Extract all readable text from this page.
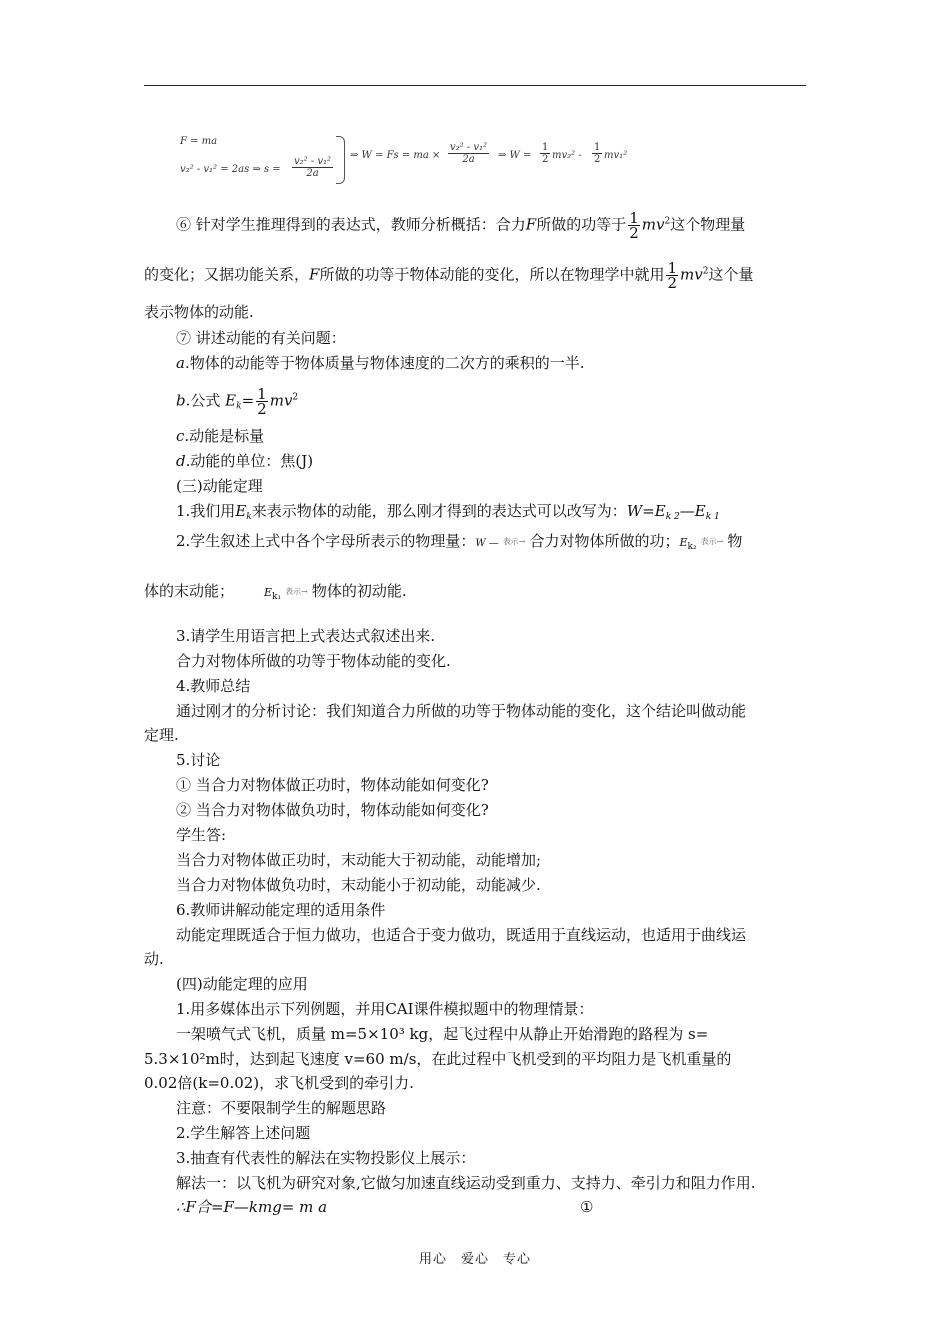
F = ma
v₂² - v₁² = 2as ⇒ s =
v₂² - v₁²
2a
⇒ W = Fs = ma ×
v₂² - v₁²
2a	⇒ W =
1
2 mv₂² -
1
2 mv₁²
⑥ 针对学生推理得到的表达式，教师分析概括：合力F所做的功等于 $\frac{1}{2} mv^2$这个物理量
的变化；又据功能关系，F所做的功等于物体动能的变化，所以在物理学中就用 $\frac{1}{2} mv^2$这个量
表示物体的动能.
⑦ 讲述动能的有关问题：
a.物体的动能等于物体质量与物体速度的二次方的乘积的一半.
b.公式 $E_k= \frac{1}{2} mv^2$
c.动能是标量
d.动能的单位：焦(J)
(三)动能定理
1.我们用$E_k$来表示物体的动能，那么刚才得到的表达式可以改写为：$W=E_{k 2}—E_{k 1}$
2.学生叙述上式中各个字母所表示的物理量：W — 表示→ 合力对物体所做的功；$E_{k_2}$表示→ 物
体的末动能；	$E_{k_1}$表示→ 物体的初动能.
3.请学生用语言把上式表达式叙述出来.
合力对物体所做的功等于物体动能的变化.
4.教师总结
通过刚才的分析讨论：我们知道合力所做的功等于物体动能的变化，这个结论叫做动能
定理.
5.讨论
① 当合力对物体做正功时，物体动能如何变化?
② 当合力对物体做负功时，物体动能如何变化?
学生答:
当合力对物体做正功时，末动能大于初动能，动能增加;
当合力对物体做负功时，末动能小于初动能，动能减少.
6.教师讲解动能定理的适用条件
动能定理既适合于恒力做功，也适合于变力做功，既适用于直线运动，也适用于曲线运
动.
(四)动能定理的应用
1.用多媒体出示下列例题，并用CAI课件模拟题中的物理情景：
一架喷气式飞机，质量 m=5×10³ kg，起飞过程中从静止开始滑跑的路程为 s=
5.3×10²m时，达到起飞速度 v=60 m/s，在此过程中飞机受到的平均阻力是飞机重量的
0.02倍(k=0.02)，求飞机受到的牵引力.
注意：不要限制学生的解题思路
2.学生解答上述问题
3.抽查有代表性的解法在实物投影仪上展示：
解法一：以飞机为研究对象,它做匀加速直线运动受到重力、支持力、牵引力和阻力作用.
∴F合=F—kmg= m a	①
用心　爱心　专心
